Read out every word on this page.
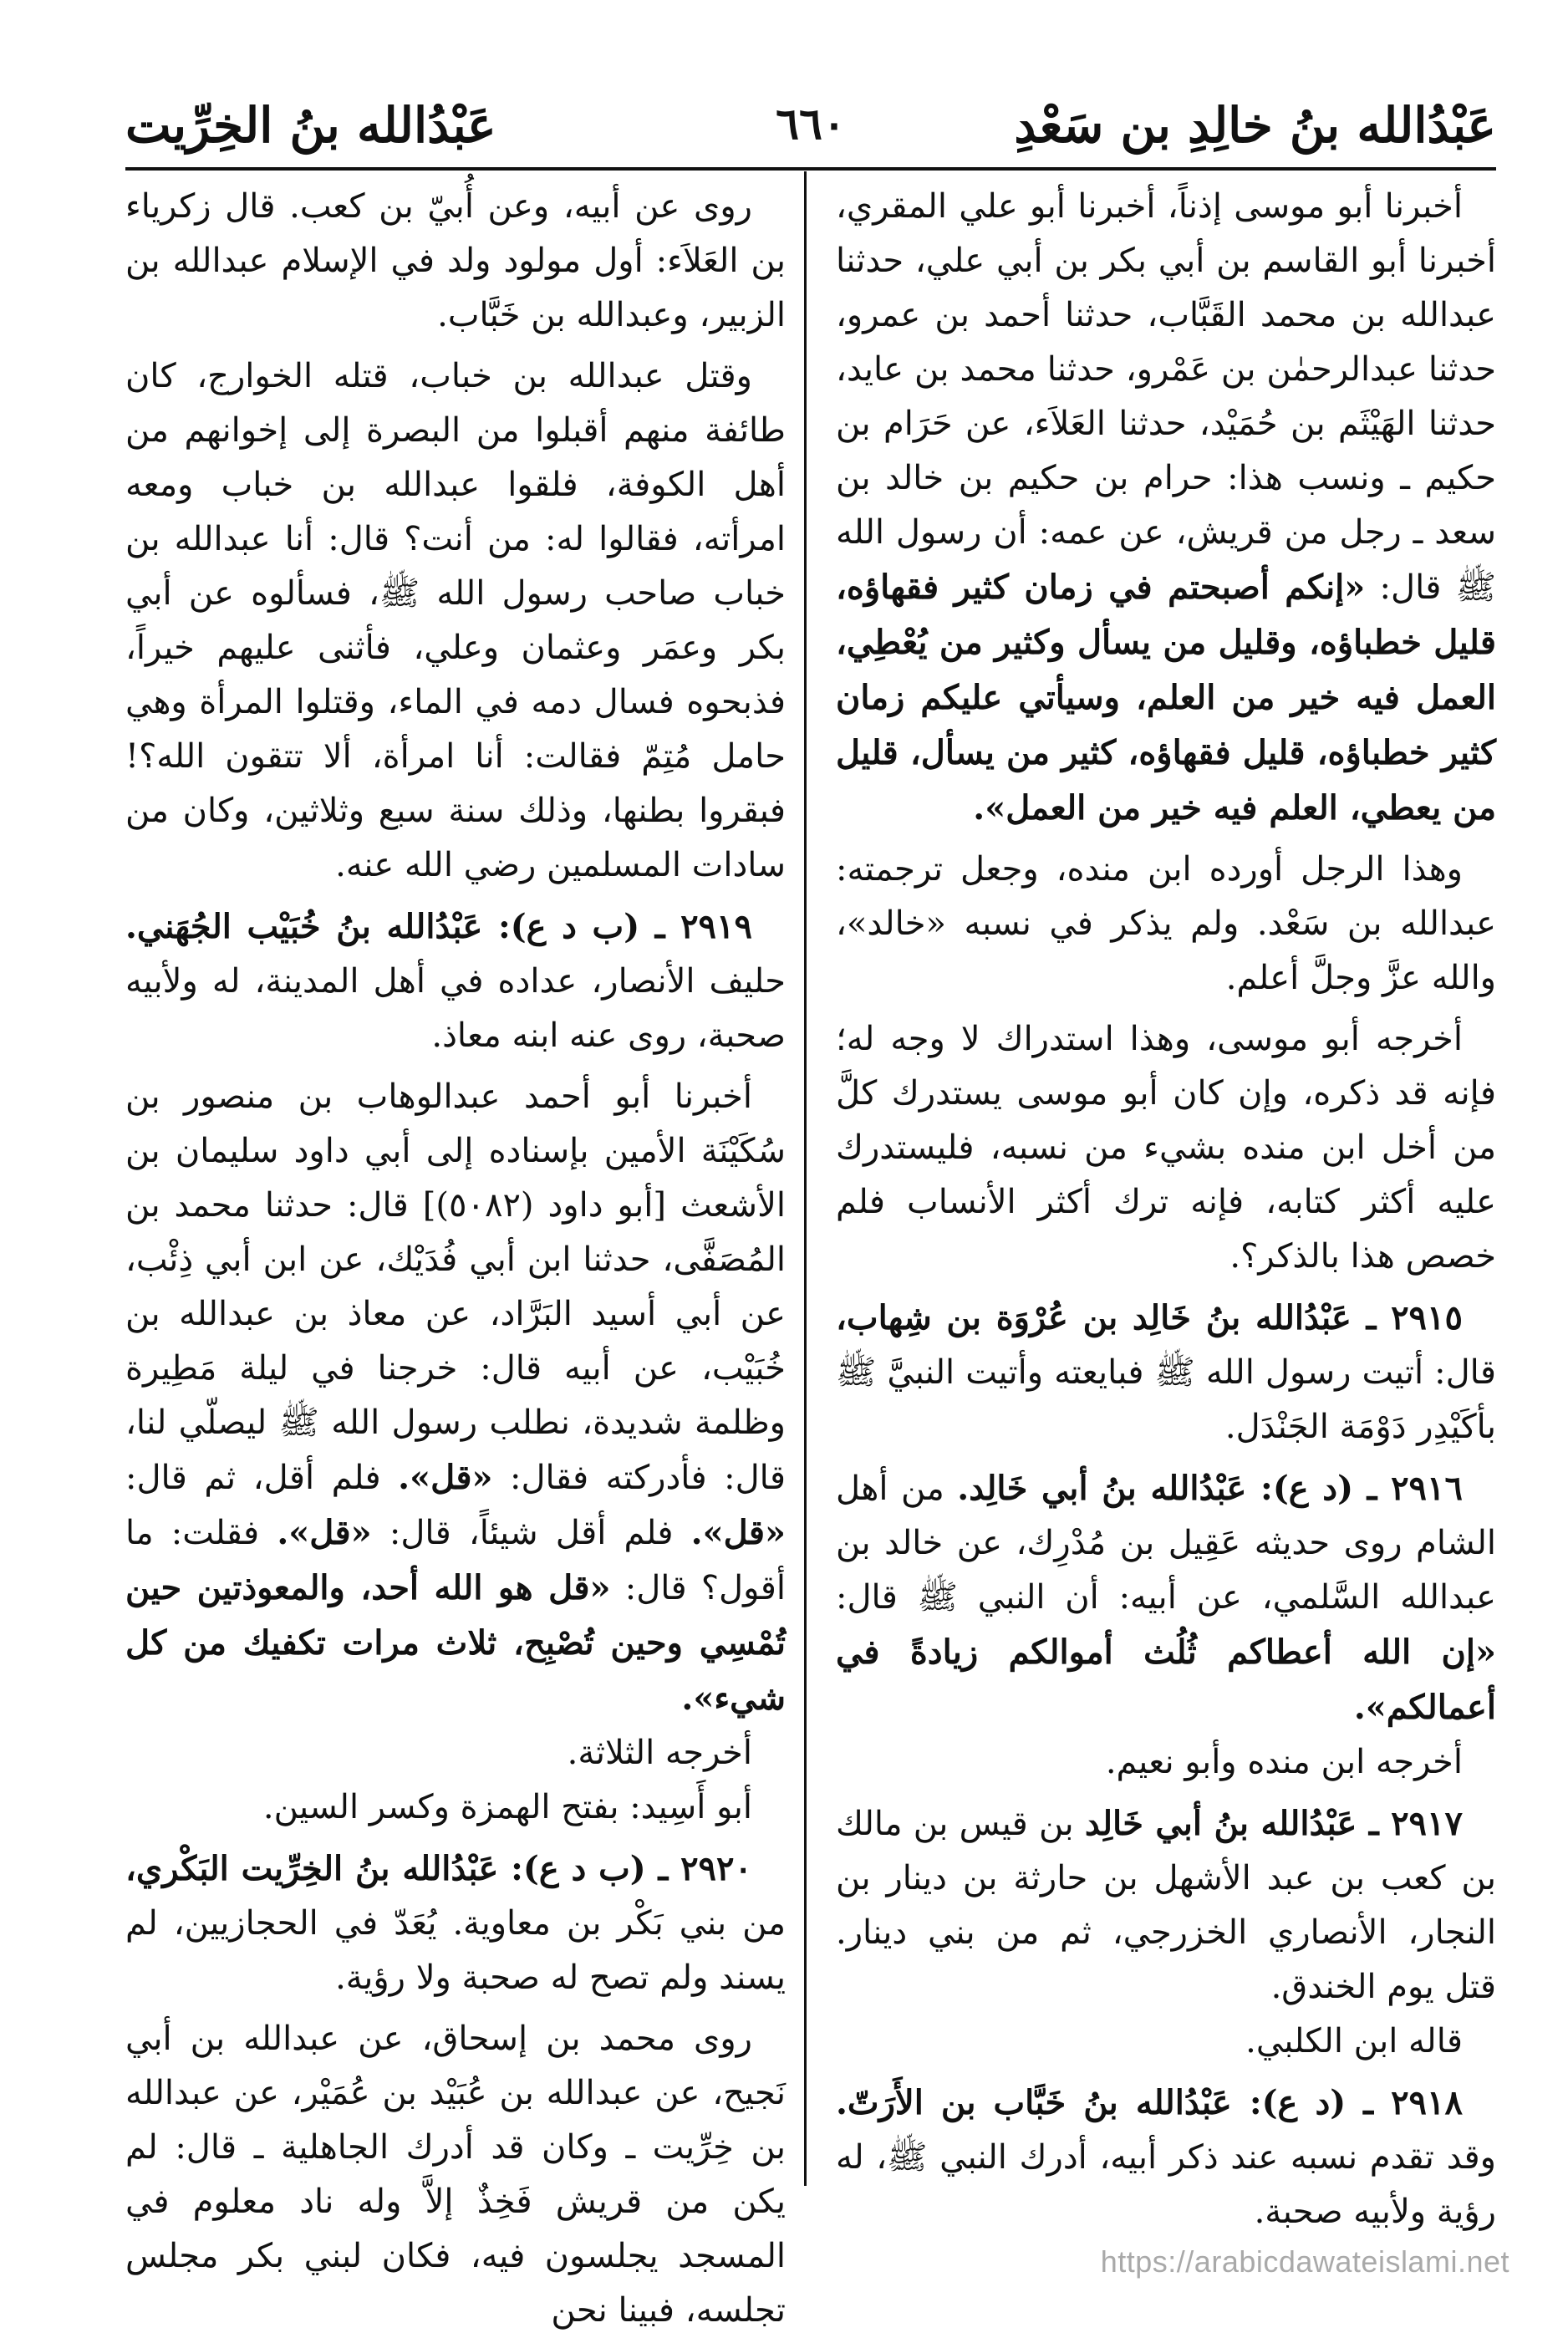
عَبْدُالله بنُ خالِدِ بن سَعْدِ
٦٦٠
عَبْدُالله بنُ الخِرِّيت

أخبرنا أبو موسى إذناً، أخبرنا أبو علي المقري، أخبرنا أبو القاسم بن أبي بكر بن أبي علي، حدثنا عبدالله بن محمد القَبَّاب، حدثنا أحمد بن عمرو، حدثنا عبدالرحمٰن بن عَمْرو، حدثنا محمد بن عايد، حدثنا الهَيْثَم بن حُمَيْد، حدثنا العَلاَء، عن حَرَام بن حكيم ـ ونسب هذا: حرام بن حكيم بن خالد بن سعد ـ رجل من قريش، عن عمه: أن رسول الله ﷺ قال: «إنكم أصبحتم في زمان كثير فقهاؤه، قليل خطباؤه، وقليل من يسأل وكثير من يُعْطِي، العمل فيه خير من العلم، وسيأتي عليكم زمان كثير خطباؤه، قليل فقهاؤه، كثير من يسأل، قليل من يعطي، العلم فيه خير من العمل».

وهذا الرجل أورده ابن منده، وجعل ترجمته: عبدالله بن سَعْد. ولم يذكر في نسبه «خالد»، والله عزَّ وجلَّ أعلم.

أخرجه أبو موسى، وهذا استدراك لا وجه له؛ فإنه قد ذكره، وإن كان أبو موسى يستدرك كلَّ من أخل ابن منده بشيء من نسبه، فليستدرك عليه أكثر كتابه، فإنه ترك أكثر الأنساب فلم خصص هذا بالذكر؟.

٢٩١٥ ـ عَبْدُالله بنُ خَالِد بن عُرْوَة بن شِهاب، قال: أتيت رسول الله ﷺ فبايعته وأتيت النبيَّ ﷺ بأكَيْدِر دَوْمَة الجَنْدَل.

٢٩١٦ ـ (د ع): عَبْدُالله بنُ أبي خَالِد. من أهل الشام روى حديثه عَقِيل بن مُدْرِك، عن خالد بن عبدالله السَّلمي، عن أبيه: أن النبي ﷺ قال: «إن الله أعطاكم ثُلُث أموالكم زيادةً في أعمالكم».

أخرجه ابن منده وأبو نعيم.

٢٩١٧ ـ عَبْدُالله بنُ أبي خَالِد بن قيس بن مالك بن كعب بن عبد الأشهل بن حارثة بن دينار بن النجار، الأنصاري الخزرجي، ثم من بني دينار. قتل يوم الخندق.

قاله ابن الكلبي.

٢٩١٨ ـ (د ع): عَبْدُالله بنُ خَبَّاب بن الأَرَتّ. وقد تقدم نسبه عند ذكر أبيه، أدرك النبي ﷺ، له رؤية ولأبيه صحبة.

روى عن أبيه، وعن أُبيّ بن كعب. قال زكرياء بن العَلاَء: أول مولود ولد في الإسلام عبدالله بن الزبير، وعبدالله بن خَبَّاب.

وقتل عبدالله بن خباب، قتله الخوارج، كان طائفة منهم أقبلوا من البصرة إلى إخوانهم من أهل الكوفة، فلقوا عبدالله بن خباب ومعه امرأته، فقالوا له: من أنت؟ قال: أنا عبدالله بن خباب صاحب رسول الله ﷺ، فسألوه عن أبي بكر وعمَر وعثمان وعلي، فأثنى عليهم خيراً، فذبحوه فسال دمه في الماء، وقتلوا المرأة وهي حامل مُتِمّ فقالت: أنا امرأة، ألا تتقون الله؟! فبقروا بطنها، وذلك سنة سبع وثلاثين، وكان من سادات المسلمين رضي الله عنه.

٢٩١٩ ـ (ب د ع): عَبْدُالله بنُ خُبَيْب الجُهَني. حليف الأنصار، عداده في أهل المدينة، له ولأبيه صحبة، روى عنه ابنه معاذ.

أخبرنا أبو أحمد عبدالوهاب بن منصور بن سُكَيْنَة الأمين بإسناده إلى أبي داود سليمان بن الأشعث [أبو داود (٥٠٨٢)] قال: حدثنا محمد بن المُصَفَّى، حدثنا ابن أبي فُدَيْك، عن ابن أبي ذِئْب، عن أبي أسيد البَرَّاد، عن معاذ بن عبدالله بن خُبَيْب، عن أبيه قال: خرجنا في ليلة مَطِيرة وظلمة شديدة، نطلب رسول الله ﷺ ليصلّي لنا، قال: فأدركته فقال: «قل». فلم أقل، ثم قال: «قل». فلم أقل شيئاً، قال: «قل». فقلت: ما أقول؟ قال: «قل هو الله أحد، والمعوذتين حين تُمْسِي وحين تُصْبِح، ثلاث مرات تكفيك من كل شيء».

أخرجه الثلاثة.

أبو أَسِيد: بفتح الهمزة وكسر السين.

٢٩٢٠ ـ (ب د ع): عَبْدُالله بنُ الخِرِّيت البَكْري، من بني بَكْر بن معاوية. يُعَدّ في الحجازيين، لم يسند ولم تصح له صحبة ولا رؤية.

روى محمد بن إسحاق، عن عبدالله بن أبي نَجيح، عن عبدالله بن عُبَيْد بن عُمَيْر، عن عبدالله بن خِرِّيت ـ وكان قد أدرك الجاهلية ـ قال: لم يكن من قريش فَخِذٌ إلاَّ وله ناد معلوم في المسجد يجلسون فيه، فكان لبني بكر مجلس تجلسه، فبينا نحن

https://arabicdawateislami.net
